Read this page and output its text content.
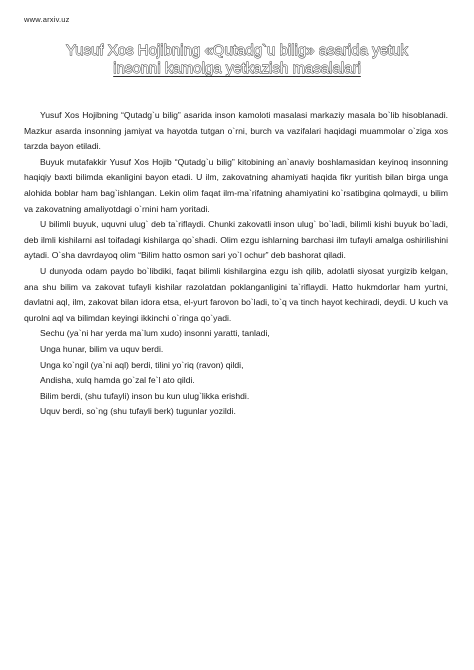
www.arxiv.uz
Yusuf Xos Hojibning «Qutadg`u bilig» asarida yetuk
insonni kamolga yetkazish masalalari

Yusuf Xos Hojibning “Qutadg`u bilig” asarida inson kamoloti masalasi markaziy masala bo`lib hisoblanadi. Mazkur asarda insonning jamiyat va hayotda tutgan o`rni, burch va vazifalari haqidagi muammolar o`ziga xos tarzda bayon etiladi.

Buyuk mutafakkir Yusuf Xos Hojib “Qutadg`u bilig” kitobining an`anaviy boshlamasidan keyinoq insonning haqiqiy baxti bilimda ekanligini bayon etadi. U ilm, zakovatning ahamiyati haqida fikr yuritish bilan birga unga alohida boblar ham bag`ishlangan. Lekin olim faqat ilm-ma`rifatning ahamiyatini ko`rsatibgina qolmaydi, u bilim va zakovatning amaliyotdagi o`rnini ham yoritadi.

U bilimli buyuk, uquvni ulug` deb ta`riflaydi. Chunki zakovatli inson ulug` bo`ladi, bilimli kishi buyuk bo`ladi, deb ilmli kishilarni asl toifadagi kishilarga qo`shadi. Olim ezgu ishlarning barchasi ilm tufayli amalga oshirilishini aytadi. O`sha davrdayoq olim “Bilim hatto osmon sari yo`l ochur” deb bashorat qiladi.

U dunyoda odam paydo bo`libdiki, faqat bilimli kishilargina ezgu ish qilib, adolatli siyosat yurgizib kelgan, ana shu bilim va zakovat tufayli kishilar razolatdan poklanganligini ta`riflaydi. Hatto hukmdorlar ham yurtni, davlatni aql, ilm, zakovat bilan idora etsa, el-yurt farovon bo`ladi, to`q va tinch hayot kechiradi, deydi. U kuch va qurolni aql va bilimdan keyingi ikkinchi o`ringa qo`yadi.

Sechu (ya`ni har yerda ma`lum xudo) insonni yaratti, tanladi,

Unga hunar, bilim va uquv berdi.

Unga ko`ngil (ya`ni aql) berdi, tilini yo`riq (ravon) qildi,

Andisha, xulq hamda go`zal fe`l ato qildi.

Bilim berdi, (shu tufayli) inson bu kun ulug`likka erishdi.

Uquv berdi, so`ng (shu tufayli berk) tugunlar yozildi.
